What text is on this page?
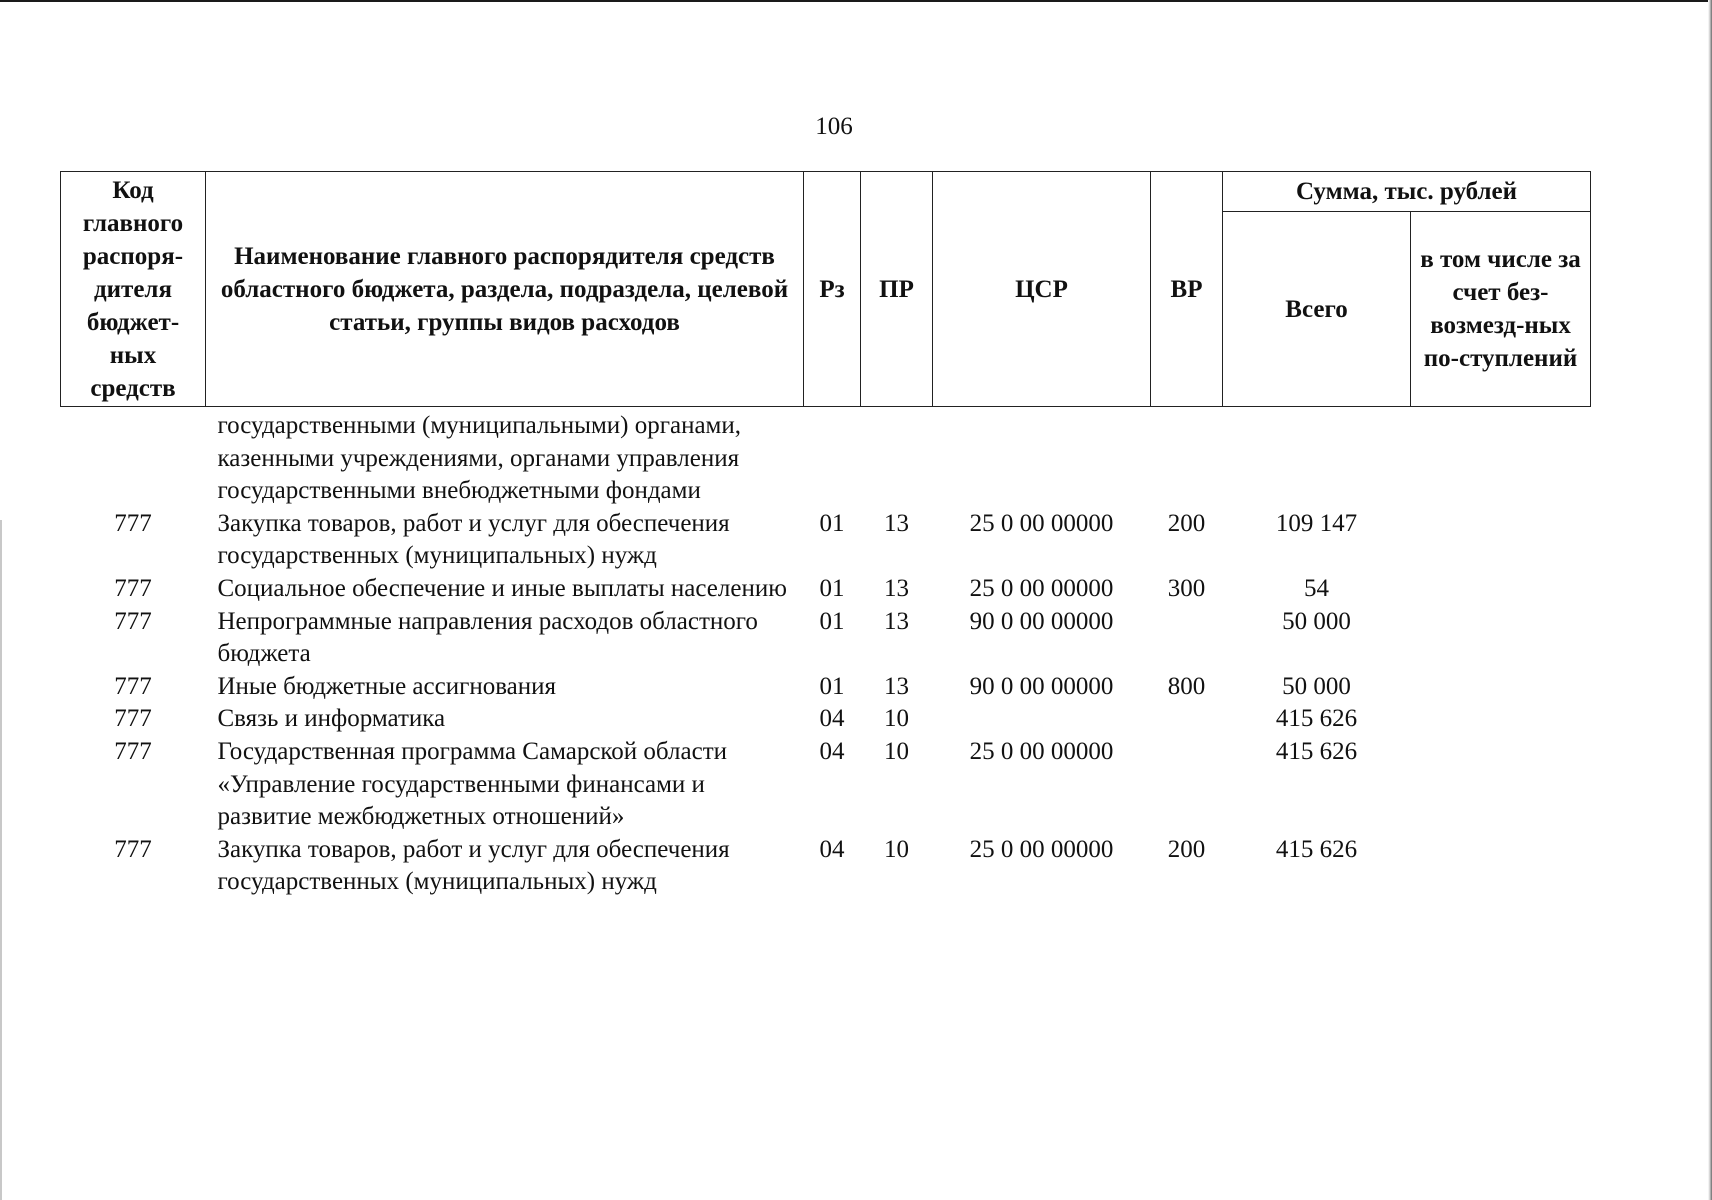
106
Код главного распоря-дителя бюджет-ных средств	Наименование главного распорядителя средств областного бюджета, раздела, подраздела, целевой статьи, группы видов расходов	Рз	ПР	ЦСР	ВР	Сумма, тыс. рублей	
						Всего	в том числе за счет без-возмезд-ных по-ступлений
	государственными (муниципальными) органами, казенными учреждениями, органами управления государственными внебюджетными фондами						
777	Закупка товаров, работ и услуг для обеспечения государственных (муниципальных) нужд	01	13	25 0 00 00000	200	109 147	
777	Социальное обеспечение и иные выплаты населению	01	13	25 0 00 00000	300	54	
777	Непрограммные направления расходов областного бюджета	01	13	90 0 00 00000		50 000	
777	Иные бюджетные ассигнования	01	13	90 0 00 00000	800	50 000	
777	Связь и информатика	04	10			415 626	
777	Государственная программа Самарской области «Управление государственными финансами и развитие межбюджетных отношений»	04	10	25 0 00 00000		415 626	
777	Закупка товаров, работ и услуг для обеспечения государственных (муниципальных) нужд	04	10	25 0 00 00000	200	415 626	
